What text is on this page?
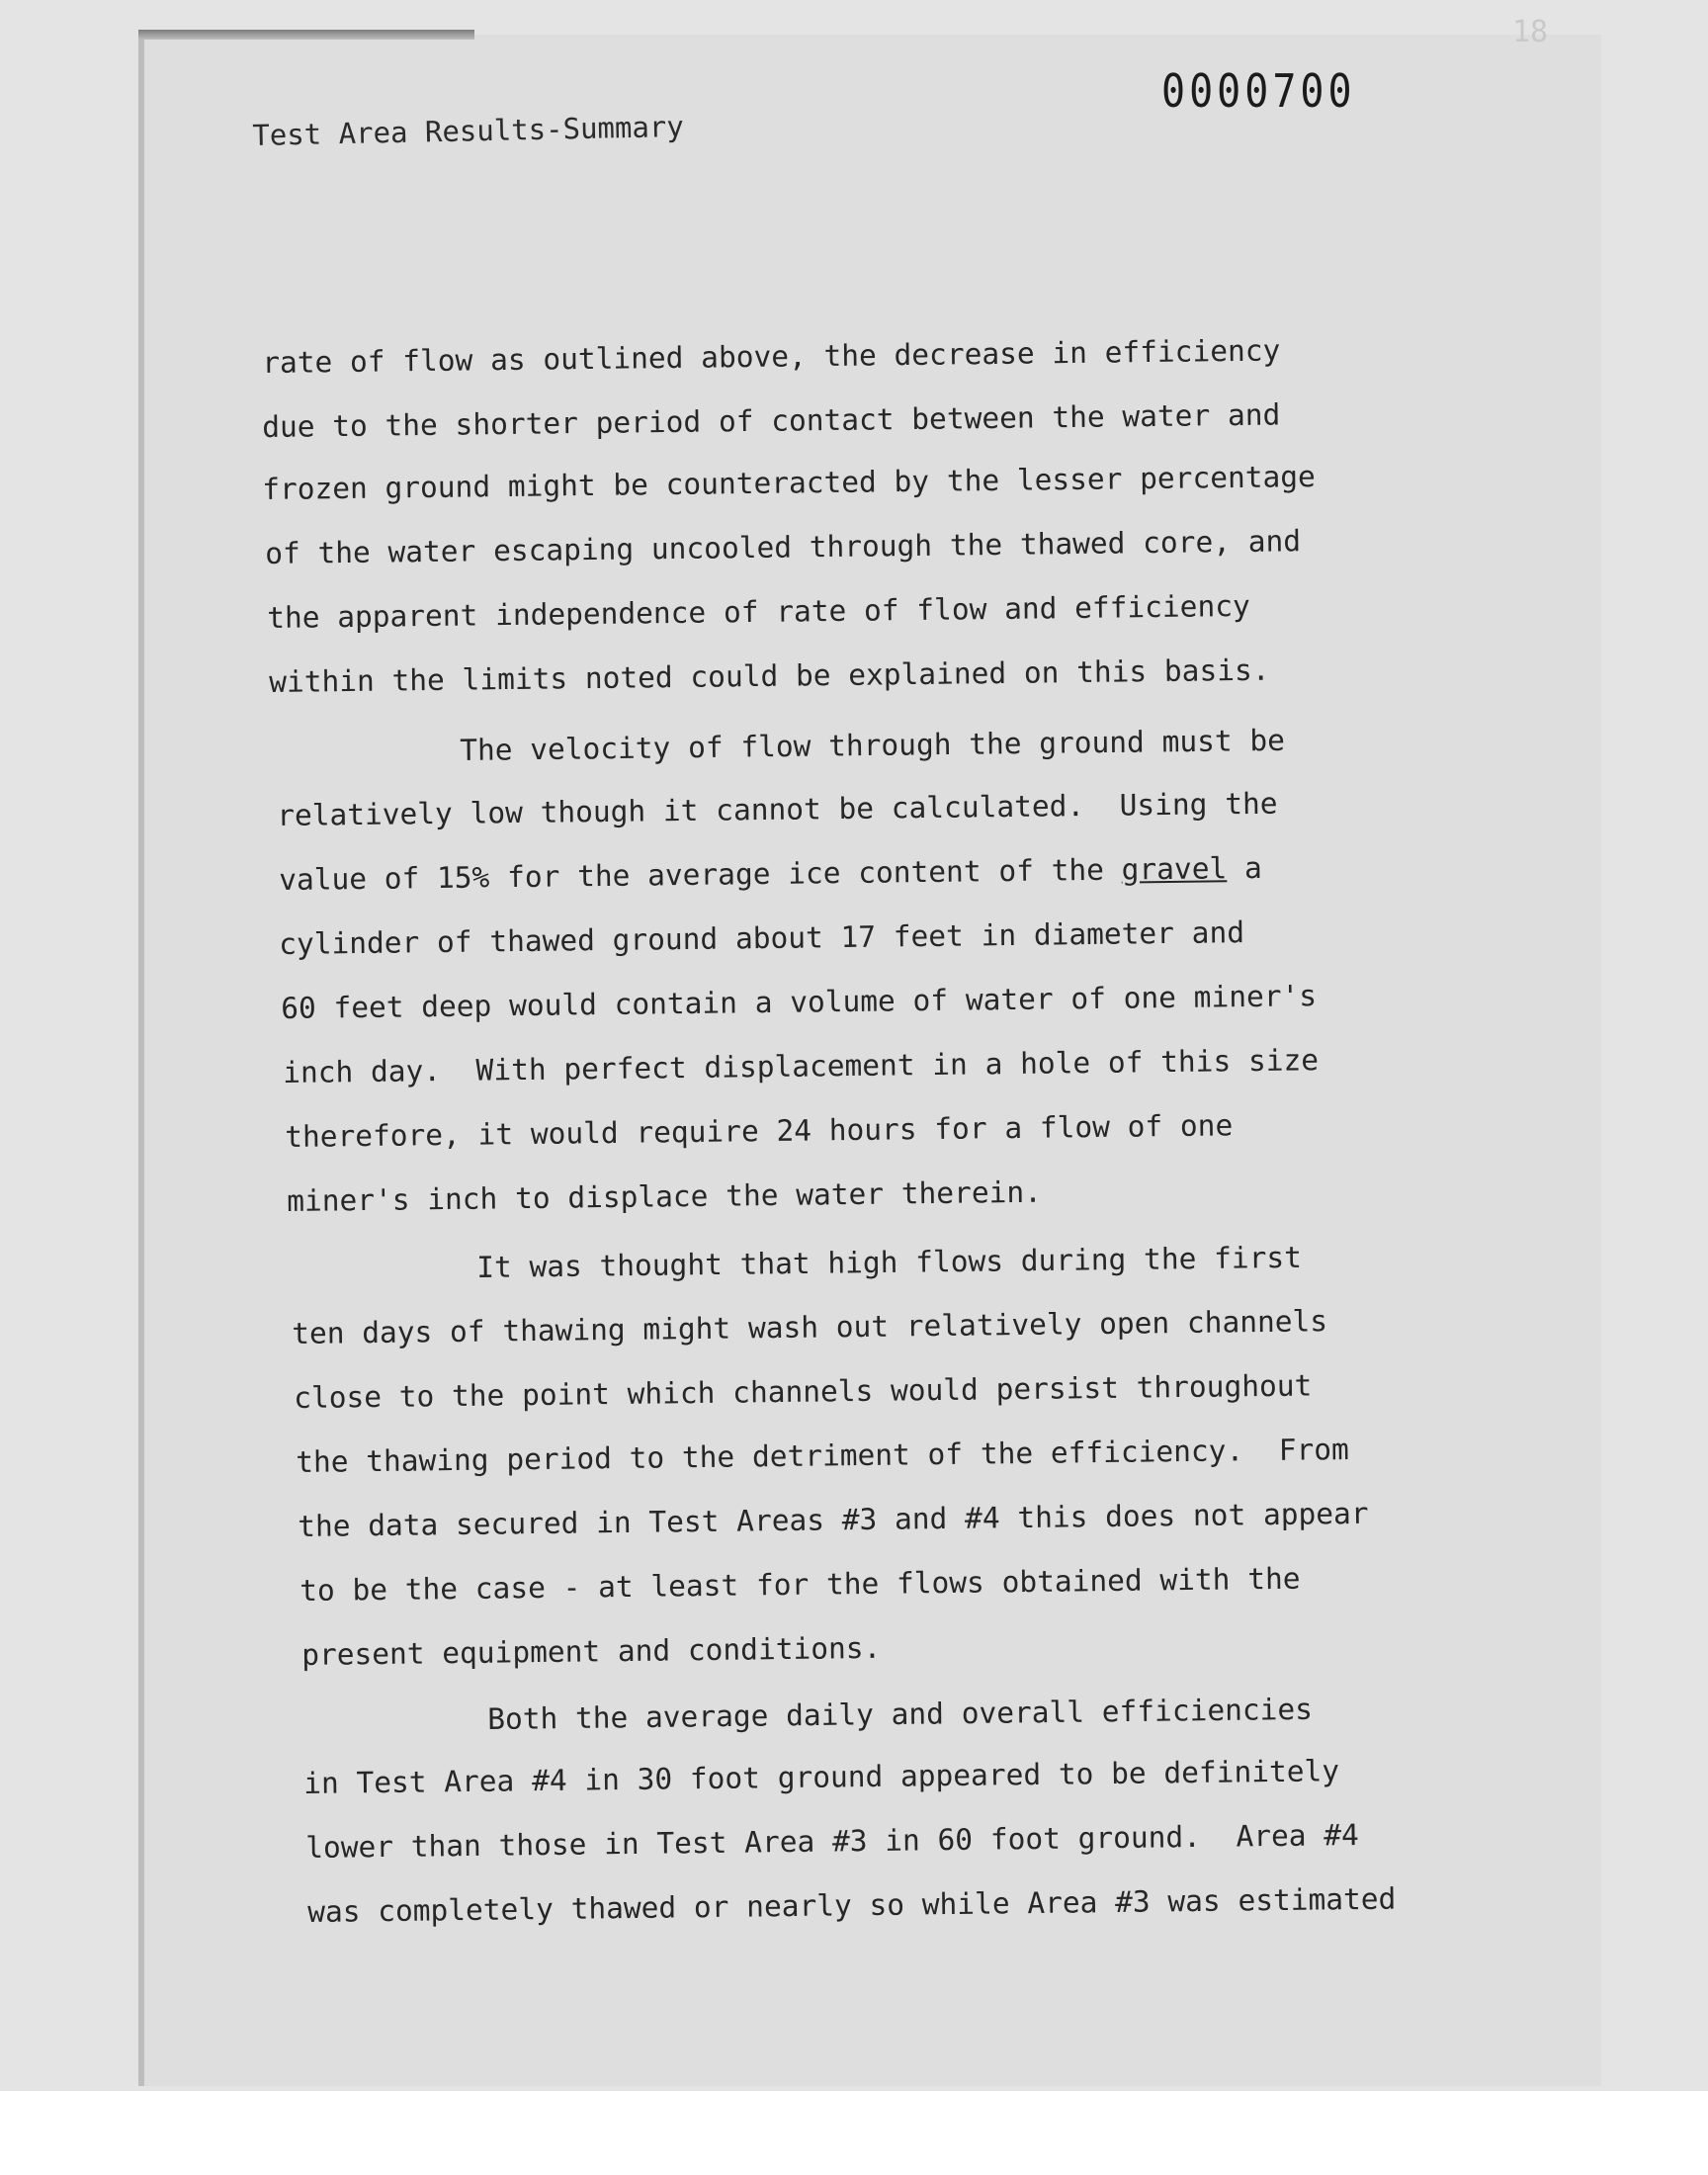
18
0000700
Test Area Results-Summary
rate of flow as outlined above, the decrease in efficiency
due to the shorter period of contact between the water and
frozen ground might be counteracted by the lesser percentage
of the water escaping uncooled through the thawed core, and
the apparent independence of rate of flow and efficiency
within the limits noted could be explained on this basis.
The velocity of flow through the ground must be
relatively low though it cannot be calculated.  Using the
value of 15% for the average ice content of the gravel a
cylinder of thawed ground about 17 feet in diameter and
60 feet deep would contain a volume of water of one miner's
inch day.  With perfect displacement in a hole of this size
therefore, it would require 24 hours for a flow of one
miner's inch to displace the water therein.
It was thought that high flows during the first
ten days of thawing might wash out relatively open channels
close to the point which channels would persist throughout
the thawing period to the detriment of the efficiency.  From
the data secured in Test Areas #3 and #4 this does not appear
to be the case - at least for the flows obtained with the
present equipment and conditions.
Both the average daily and overall efficiencies
in Test Area #4 in 30 foot ground appeared to be definitely
lower than those in Test Area #3 in 60 foot ground.  Area #4
was completely thawed or nearly so while Area #3 was estimated
